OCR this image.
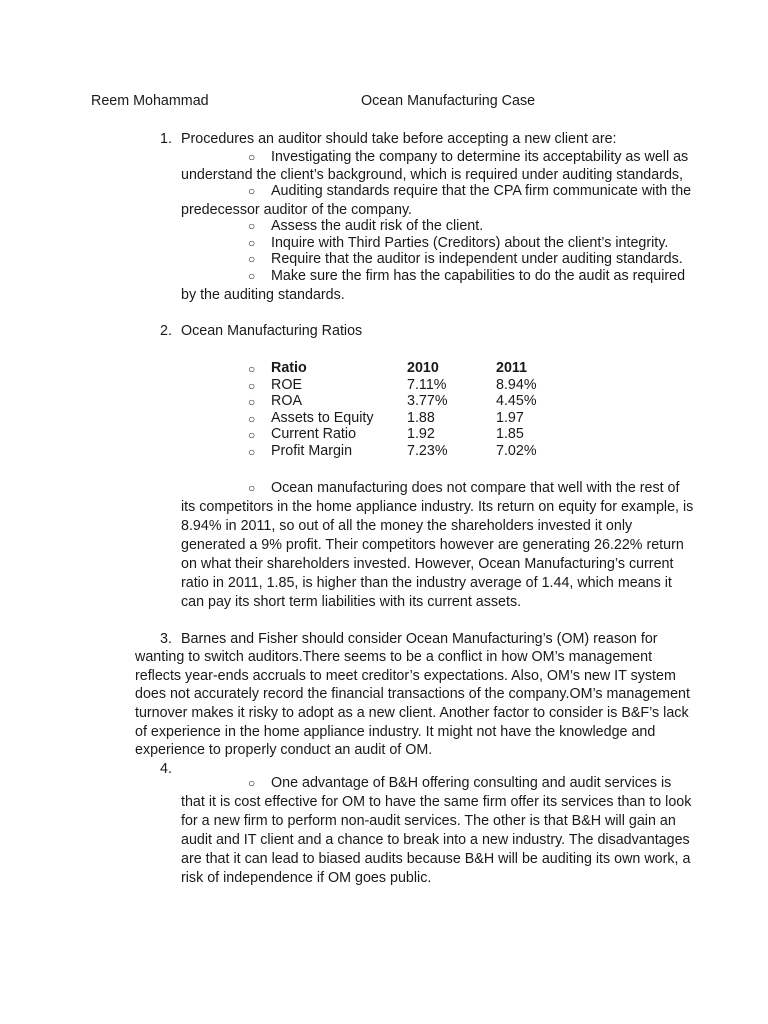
Reem Mohammad	Ocean Manufacturing Case
1. Procedures an auditor should take before accepting a new client are:
○ Investigating the company to determine its acceptability as well as
understand the client’s background, which is required under auditing standards,
○ Auditing standards require that the CPA firm communicate with the
predecessor auditor of the company.
○ Assess the audit risk of the client.
○ Inquire with Third Parties (Creditors) about the client’s integrity.
○ Require that the auditor is independent under auditing standards.
○ Make sure the firm has the capabilities to do the audit as required
by the auditing standards.
2. Ocean Manufacturing Ratios
○ Ratio	2010	2011
○ ROE	7.11%	8.94%
○ ROA	3.77%	4.45%
○ Assets to Equity 1.88	1.97
○ Current Ratio	1.92	1.85
○ Profit Margin	7.23%	7.02%
○ Ocean manufacturing does not compare that well with the rest of
its competitors in the home appliance industry. Its return on equity for example, is
8.94% in 2011, so out of all the money the shareholders invested it only
generated a 9% profit. Their competitors however are generating 26.22% return
on what their shareholders invested. However, Ocean Manufacturing’s current
ratio in 2011, 1.85, is higher than the industry average of 1.44, which means it
can pay its short term liabilities with its current assets.
3. Barnes and Fisher should consider Ocean Manufacturing’s (OM) reason for
wanting to switch auditors.There seems to be a conflict in how OM’s management
reflects year-ends accruals to meet creditor’s expectations. Also, OM’s new IT system
does not accurately record the financial transactions of the company.OM’s management
turnover makes it risky to adopt as a new client. Another factor to consider is B&F’s lack
of experience in the home appliance industry. It might not have the knowledge and
experience to properly conduct an audit of OM.
4.
○ One advantage of B&H offering consulting and audit services is
that it is cost effective for OM to have the same firm offer its services than to look
for a new firm to perform non-audit services. The other is that B&H will gain an
audit and IT client and a chance to break into a new industry. The disadvantages
are that it can lead to biased audits because B&H will be auditing its own work, a
risk of independence if OM goes public.
